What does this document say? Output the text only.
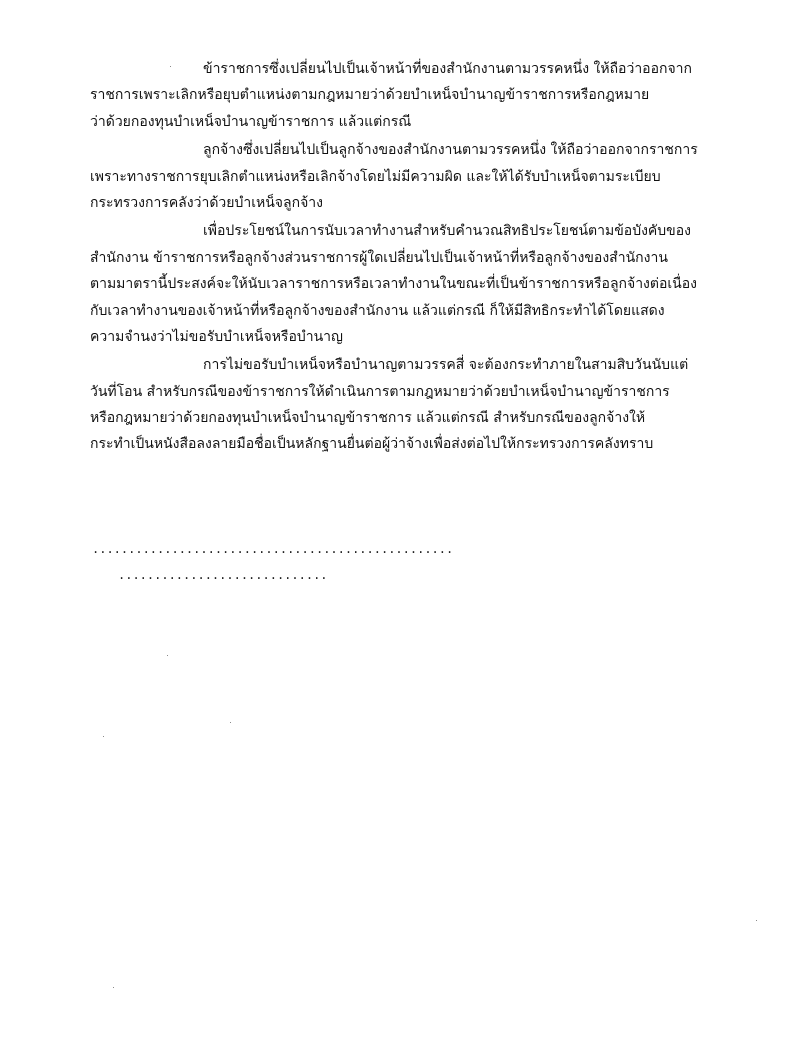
ข้าราชการซึ่งเปลี่ยนไปเป็นเจ้าหน้าที่ของสำนักงานตามวรรคหนึ่ง ให้ถือว่าออกจาก
ราชการเพราะเลิกหรือยุบตำแหน่งตามกฎหมายว่าด้วยบำเหน็จบำนาญข้าราชการหรือกฎหมาย
ว่าด้วยกองทุนบำเหน็จบำนาญข้าราชการ แล้วแต่กรณี
ลูกจ้างซึ่งเปลี่ยนไปเป็นลูกจ้างของสำนักงานตามวรรคหนึ่ง ให้ถือว่าออกจากราชการ
เพราะทางราชการยุบเลิกตำแหน่งหรือเลิกจ้างโดยไม่มีความผิด และให้ได้รับบำเหน็จตามระเบียบ
กระทรวงการคลังว่าด้วยบำเหน็จลูกจ้าง
เพื่อประโยชน์ในการนับเวลาทำงานสำหรับคำนวณสิทธิประโยชน์ตามข้อบังคับของ
สำนักงาน ข้าราชการหรือลูกจ้างส่วนราชการผู้ใดเปลี่ยนไปเป็นเจ้าหน้าที่หรือลูกจ้างของสำนักงาน
ตามมาตรานี้ประสงค์จะให้นับเวลาราชการหรือเวลาทำงานในขณะที่เป็นข้าราชการหรือลูกจ้างต่อเนื่อง
กับเวลาทำงานของเจ้าหน้าที่หรือลูกจ้างของสำนักงาน แล้วแต่กรณี ก็ให้มีสิทธิกระทำได้โดยแสดง
ความจำนงว่าไม่ขอรับบำเหน็จหรือบำนาญ
การไม่ขอรับบำเหน็จหรือบำนาญตามวรรคสี่ จะต้องกระทำภายในสามสิบวันนับแต่
วันที่โอน สำหรับกรณีของข้าราชการให้ดำเนินการตามกฎหมายว่าด้วยบำเหน็จบำนาญข้าราชการ
หรือกฎหมายว่าด้วยกองทุนบำเหน็จบำนาญข้าราชการ แล้วแต่กรณี สำหรับกรณีของลูกจ้างให้
กระทำเป็นหนังสือลงลายมือชื่อเป็นหลักฐานยื่นต่อผู้ว่าจ้างเพื่อส่งต่อไปให้กระทรวงการคลังทราบ
..................................................
.............................
